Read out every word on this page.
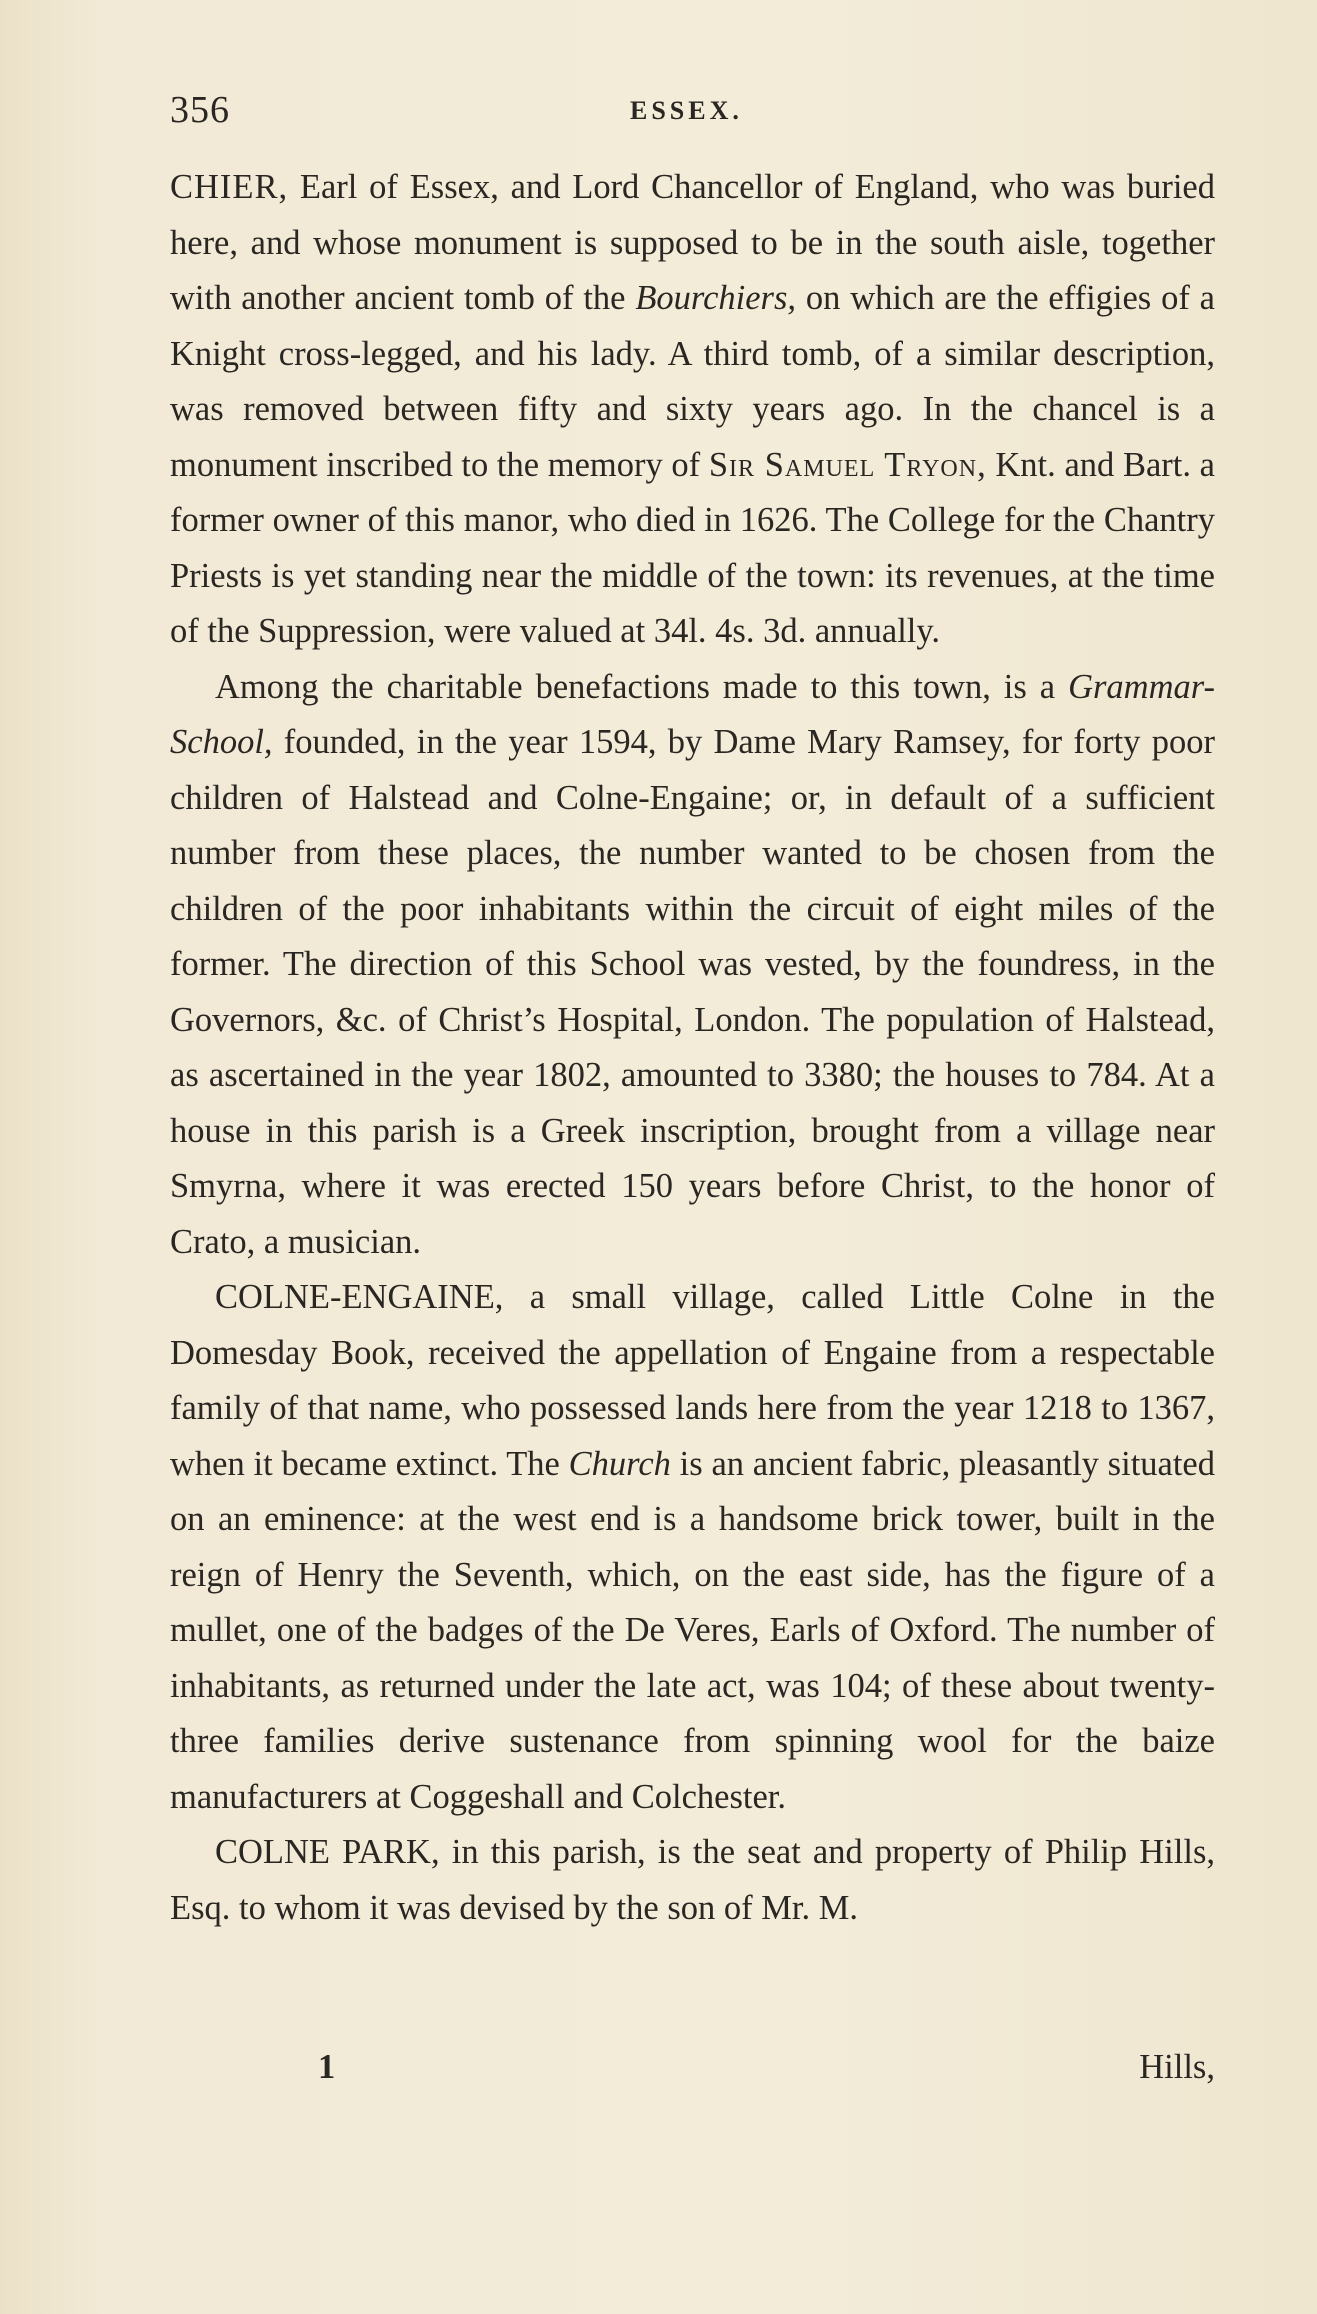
356	ESSEX.

CHIER, Earl of Essex, and Lord Chancellor of England, who was buried here, and whose monument is supposed to be in the south aisle, together with another ancient tomb of the Bourchiers, on which are the effigies of a Knight cross-legged, and his lady. A third tomb, of a similar description, was removed between fifty and sixty years ago. In the chancel is a monument inscribed to the memory of Sir Samuel Tryon, Knt. and Bart. a former owner of this manor, who died in 1626. The College for the Chantry Priests is yet standing near the middle of the town: its revenues, at the time of the Suppression, were valued at 34l. 4s. 3d. annually.

Among the charitable benefactions made to this town, is a Grammar-School, founded, in the year 1594, by Dame Mary Ramsey, for forty poor children of Halstead and Colne-Engaine; or, in default of a sufficient number from these places, the number wanted to be chosen from the children of the poor inhabitants within the circuit of eight miles of the former. The direction of this School was vested, by the foundress, in the Governors, &c. of Christ’s Hospital, London. The population of Halstead, as ascertained in the year 1802, amounted to 3380; the houses to 784. At a house in this parish is a Greek inscription, brought from a village near Smyrna, where it was erected 150 years before Christ, to the honor of Crato, a musician.

COLNE-ENGAINE, a small village, called Little Colne in the Domesday Book, received the appellation of Engaine from a respectable family of that name, who possessed lands here from the year 1218 to 1367, when it became extinct. The Church is an ancient fabric, pleasantly situated on an eminence: at the west end is a handsome brick tower, built in the reign of Henry the Seventh, which, on the east side, has the figure of a mullet, one of the badges of the De Veres, Earls of Oxford. The number of inhabitants, as returned under the late act, was 104; of these about twenty-three families derive sustenance from spinning wool for the baize manufacturers at Coggeshall and Colchester.

COLNE PARK, in this parish, is the seat and property of Philip Hills, Esq. to whom it was devised by the son of Mr. M.

1	Hills,
